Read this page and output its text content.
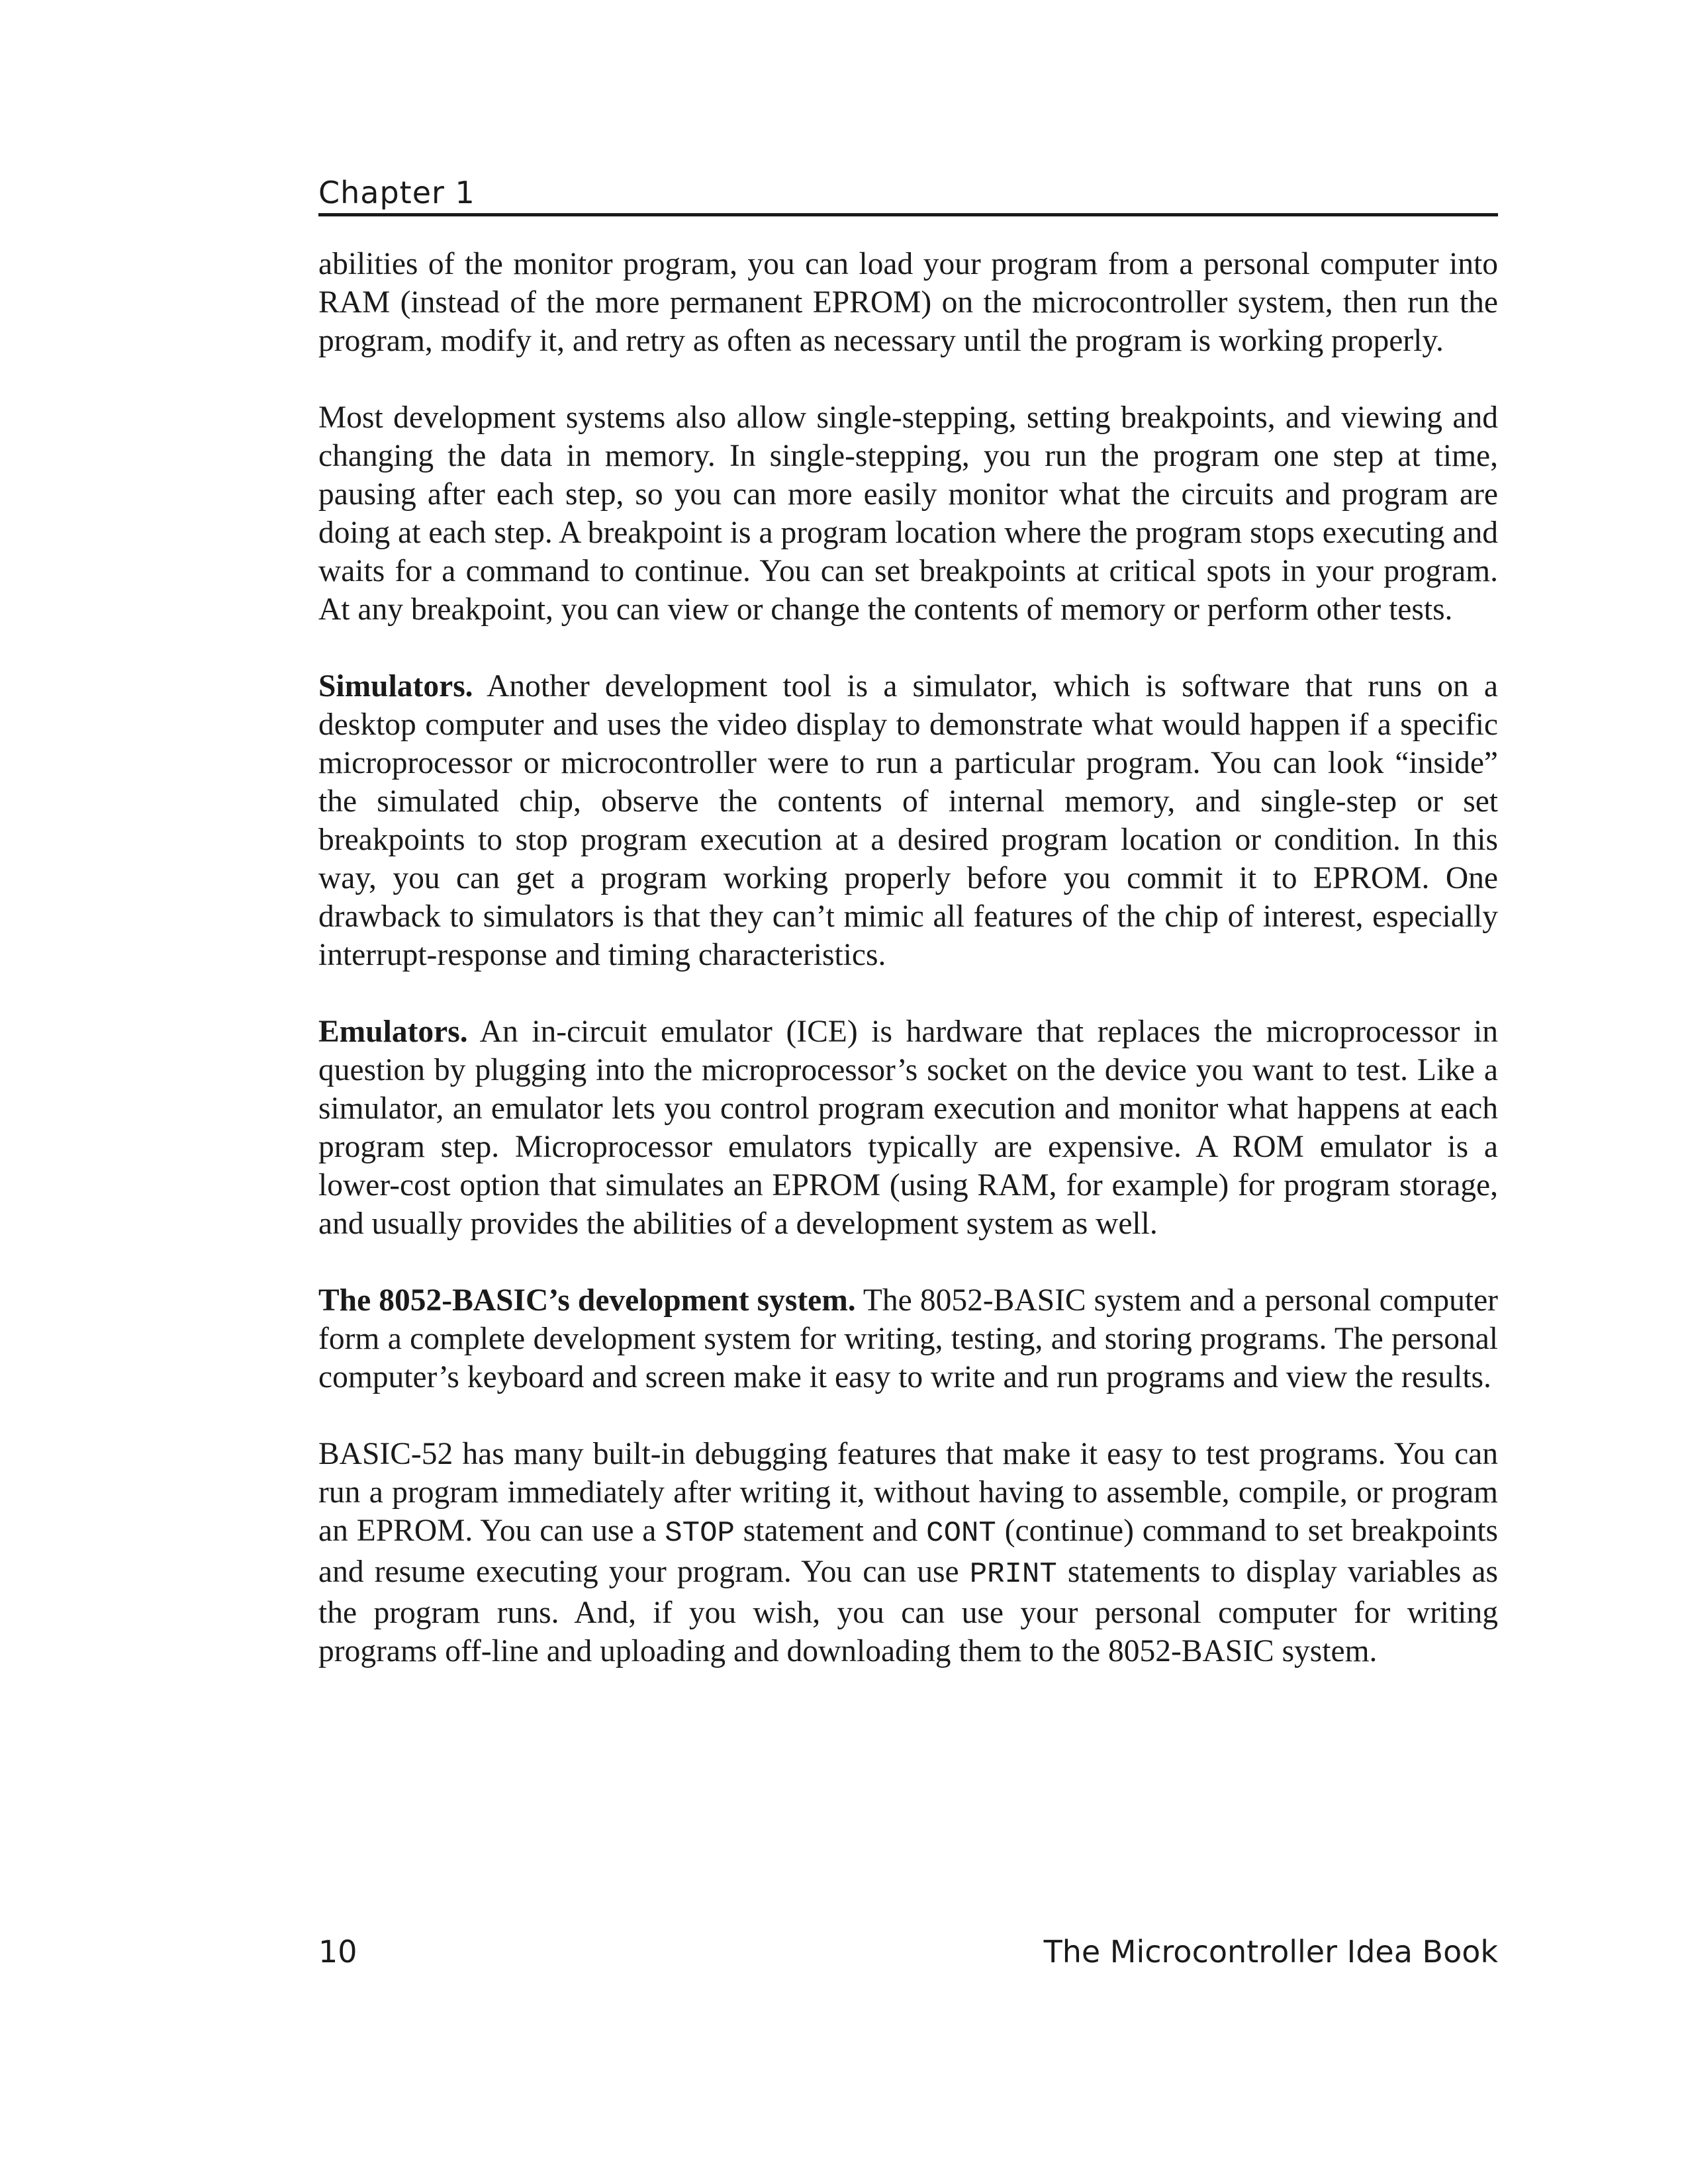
Chapter 1

abilities of the monitor program, you can load your program from a personal computer into RAM (instead of the more permanent EPROM) on the microcontroller system, then run the program, modify it, and retry as often as necessary until the program is working properly.

Most development systems also allow single-stepping, setting breakpoints, and viewing and changing the data in memory. In single-stepping, you run the program one step at time, pausing after each step, so you can more easily monitor what the circuits and program are doing at each step. A breakpoint is a program location where the program stops executing and waits for a command to continue. You can set breakpoints at critical spots in your program. At any breakpoint, you can view or change the contents of memory or perform other tests.

Simulators. Another development tool is a simulator, which is software that runs on a desktop computer and uses the video display to demonstrate what would happen if a specific microprocessor or microcontroller were to run a particular program. You can look “inside” the simulated chip, observe the contents of internal memory, and single-step or set breakpoints to stop program execution at a desired program location or condition. In this way, you can get a program working properly before you commit it to EPROM. One drawback to simulators is that they can’t mimic all features of the chip of interest, especially interrupt-response and timing characteristics.

Emulators. An in-circuit emulator (ICE) is hardware that replaces the microprocessor in question by plugging into the microprocessor’s socket on the device you want to test. Like a simulator, an emulator lets you control program execution and monitor what happens at each program step. Microprocessor emulators typically are expensive. A ROM emulator is a lower-cost option that simulates an EPROM (using RAM, for example) for program storage, and usually provides the abilities of a development system as well.

The 8052-BASIC’s development system. The 8052-BASIC system and a personal computer form a complete development system for writing, testing, and storing programs. The personal computer’s keyboard and screen make it easy to write and run programs and view the results.

BASIC-52 has many built-in debugging features that make it easy to test programs. You can run a program immediately after writing it, without having to assemble, compile, or program an EPROM. You can use a STOP statement and CONT (continue) command to set breakpoints and resume executing your program. You can use PRINT statements to display variables as the program runs. And, if you wish, you can use your personal computer for writing programs off-line and uploading and downloading them to the 8052-BASIC system.

10	The Microcontroller Idea Book
